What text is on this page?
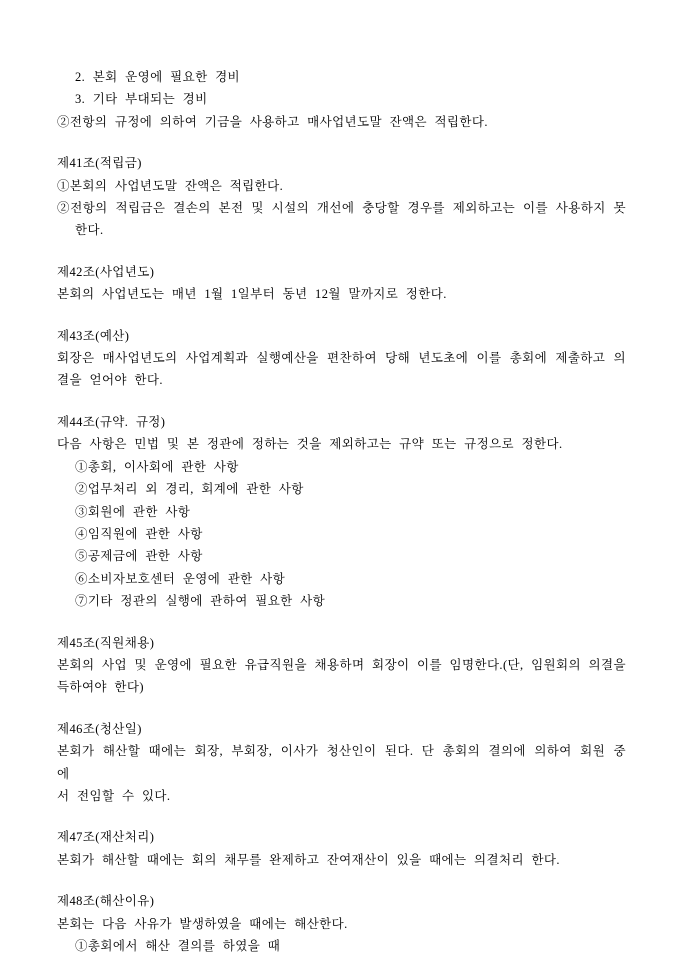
2. 본회 운영에 필요한 경비
3. 기타 부대되는 경비
②전항의 규정에 의하여 기금을 사용하고 매사업년도말 잔액은 적립한다.
제41조(적립금)
①본회의 사업년도말 잔액은 적립한다.
②전항의 적립금은 결손의 본전 및 시설의 개선에 충당할 경우를 제외하고는 이를 사용하지 못
한다.
제42조(사업년도)
본회의 사업년도는 매년 1월 1일부터 동년 12월 말까지로 정한다.
제43조(예산)
회장은 매사업년도의 사업계획과 실행예산을 편찬하여 당해 년도초에 이를 총회에 제출하고 의
결을 얻어야 한다.
제44조(규약. 규정)
다음 사항은 민법 및 본 정관에 정하는 것을 제외하고는 규약 또는 규정으로 정한다.
①총회, 이사회에 관한 사항
②업무처리 외 경리, 회계에 관한 사항
③회원에 관한 사항
④임직원에 관한 사항
⑤공제금에 관한 사항
⑥소비자보호센터 운영에 관한 사항
⑦기타 정관의 실행에 관하여 필요한 사항
제45조(직원채용)
본회의 사업 및 운영에 필요한 유급직원을 채용하며 회장이 이를 임명한다.(단, 임원회의 의결을
득하여야 한다)
제46조(청산일)
본회가 해산할 때에는 회장, 부회장, 이사가 청산인이 된다. 단 총회의 결의에 의하여 회원 중에
서 전임할 수 있다.
제47조(재산처리)
본회가 해산할 때에는 회의 채무를 완제하고 잔여재산이 있을 때에는 의결처리 한다.
제48조(해산이유)
본회는 다음 사유가 발생하였을 때에는 해산한다.
①총회에서 해산 결의를 하였을 때
